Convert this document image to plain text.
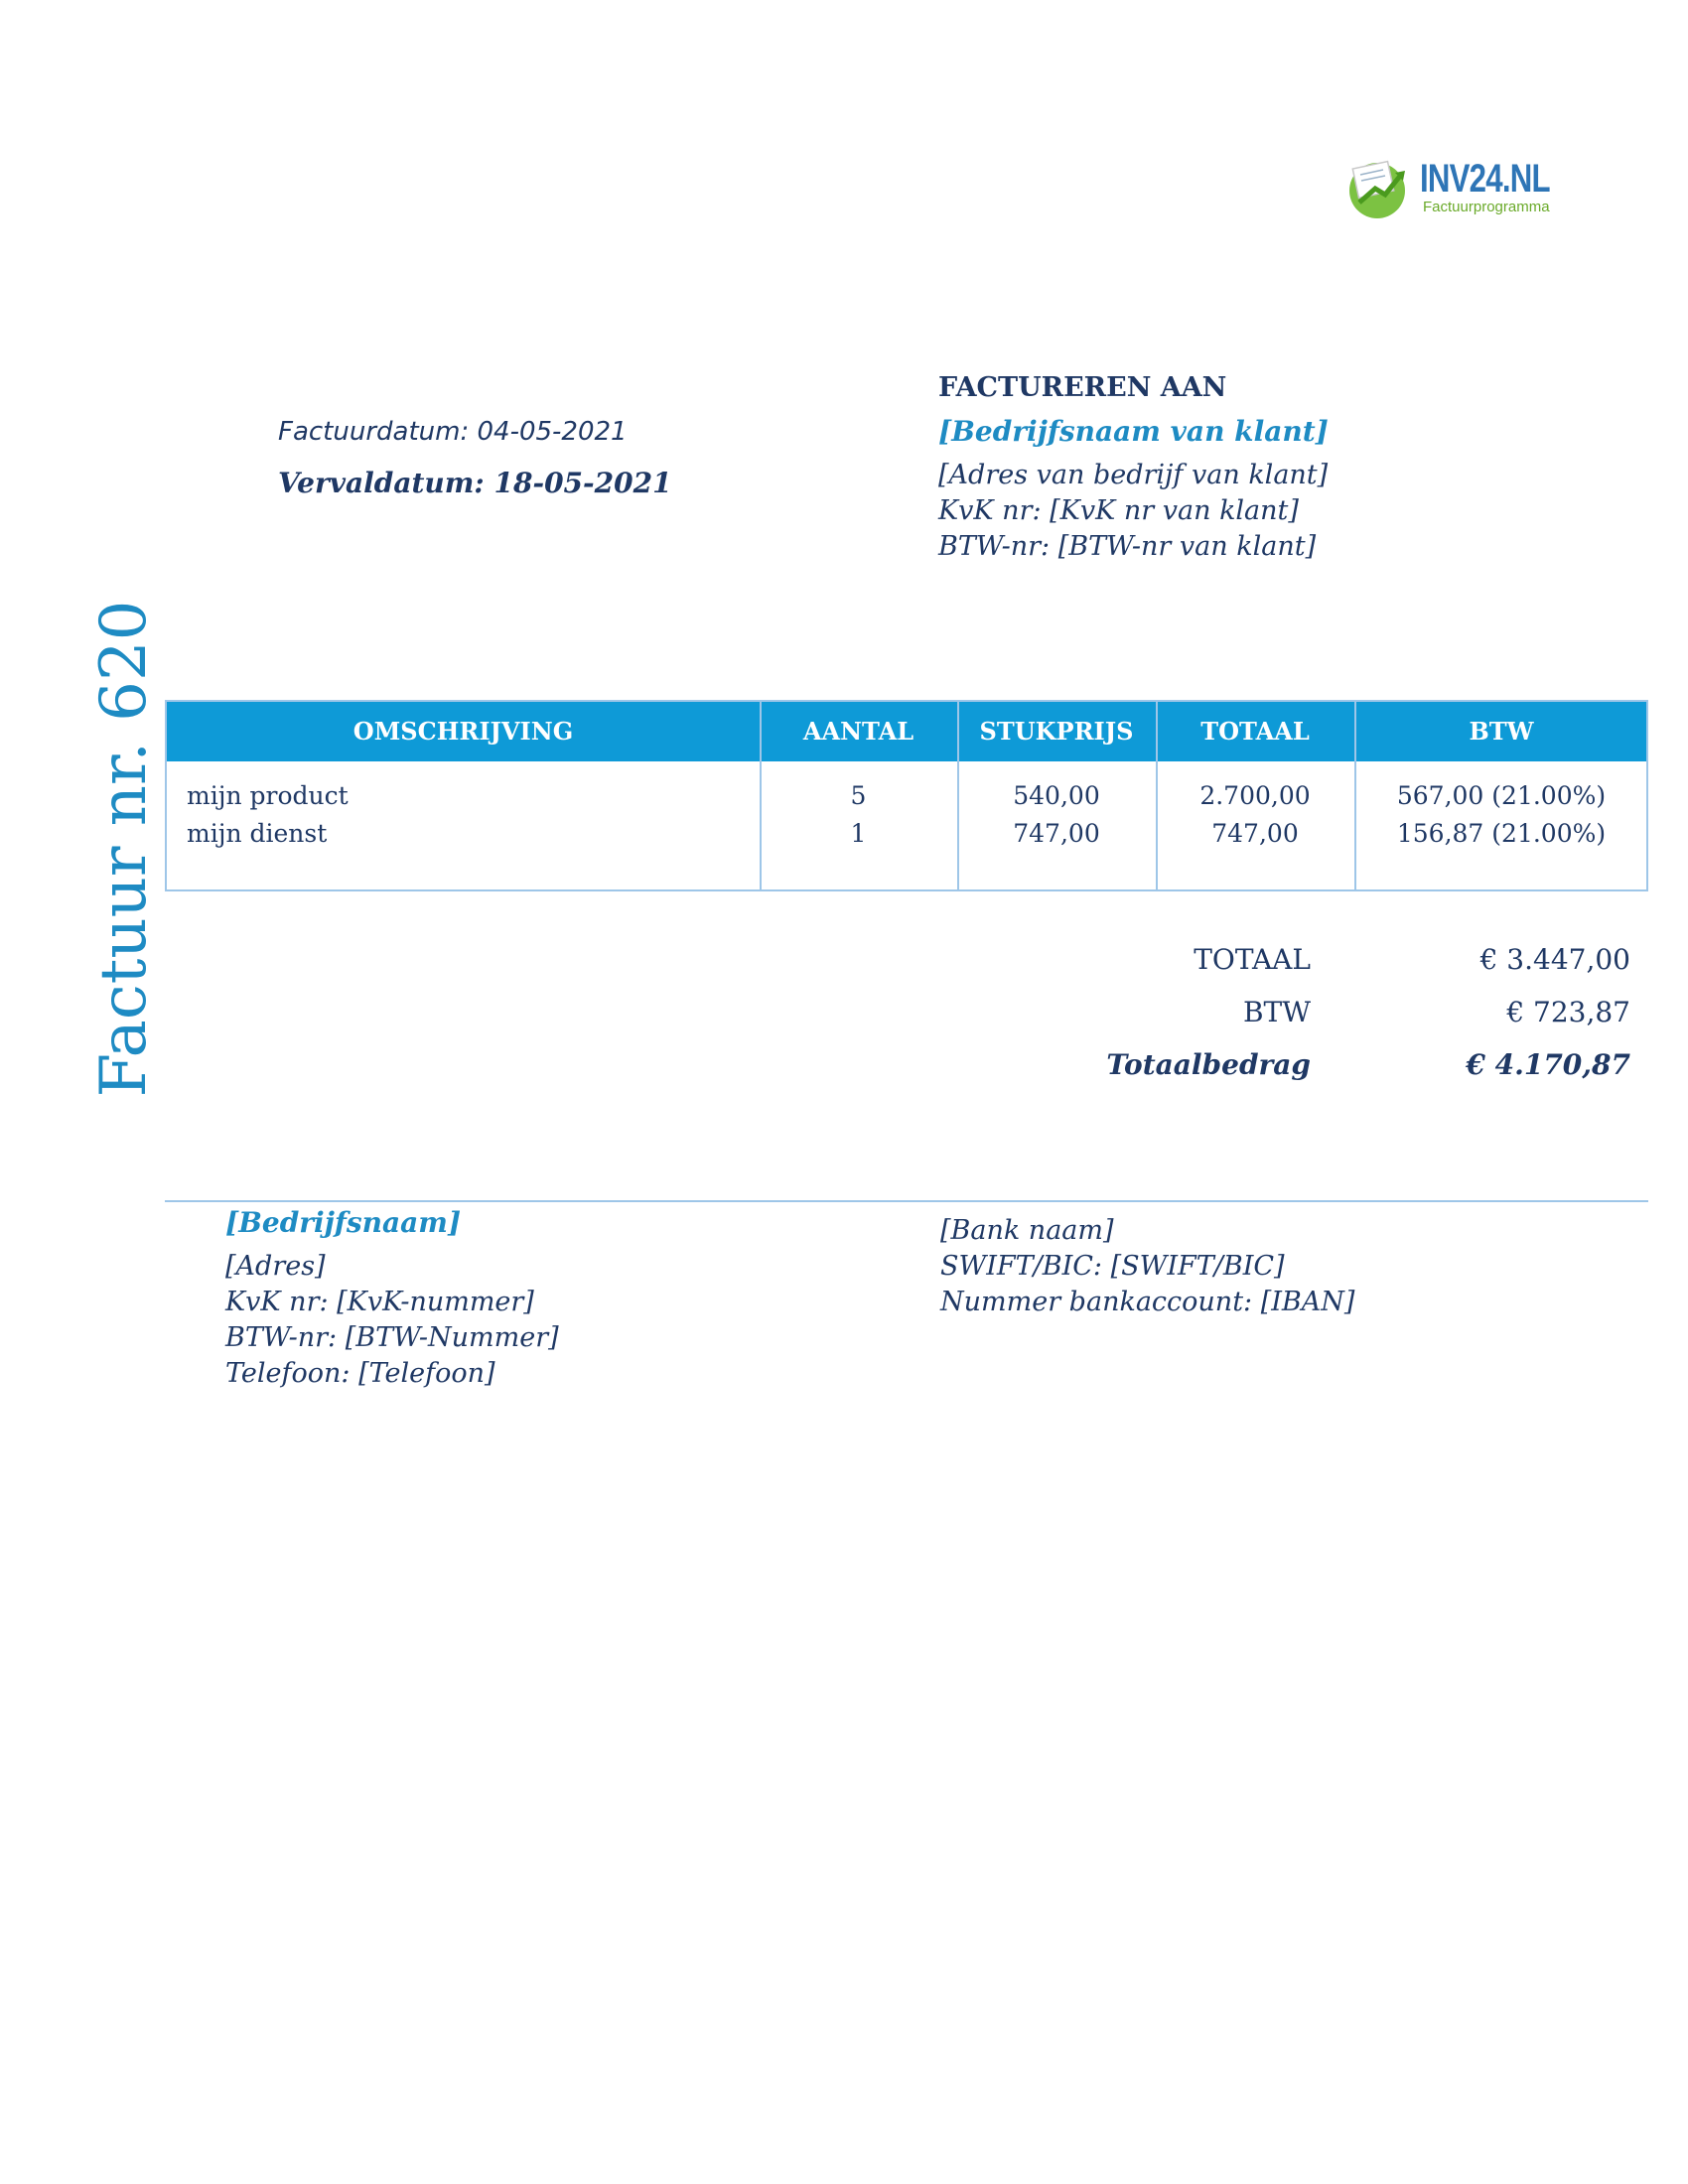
INV24.NL
Factuurprogramma
Factuur nr. 620
Factuurdatum: 04-05-2021
Vervaldatum: 18-05-2021
FACTUREREN AAN
[Bedrijfsnaam van klant]
[Adres van bedrijf van klant]
KvK nr: [KvK nr van klant]
BTW-nr: [BTW-nr van klant]
OMSCHRIJVING	AANTAL	STUKPRIJS	TOTAAL	BTW
mijn product	5	540,00	2.700,00	567,00 (21.00%)
mijn dienst	1	747,00	747,00	156,87 (21.00%)
TOTAAL	€ 3.447,00
BTW	€ 723,87
Totaalbedrag	€ 4.170,87
[Bedrijfsnaam]
[Adres]
KvK nr: [KvK-nummer]
BTW-nr: [BTW-Nummer]
Telefoon: [Telefoon]
[Bank naam]
SWIFT/BIC: [SWIFT/BIC]
Nummer bankaccount: [IBAN]
